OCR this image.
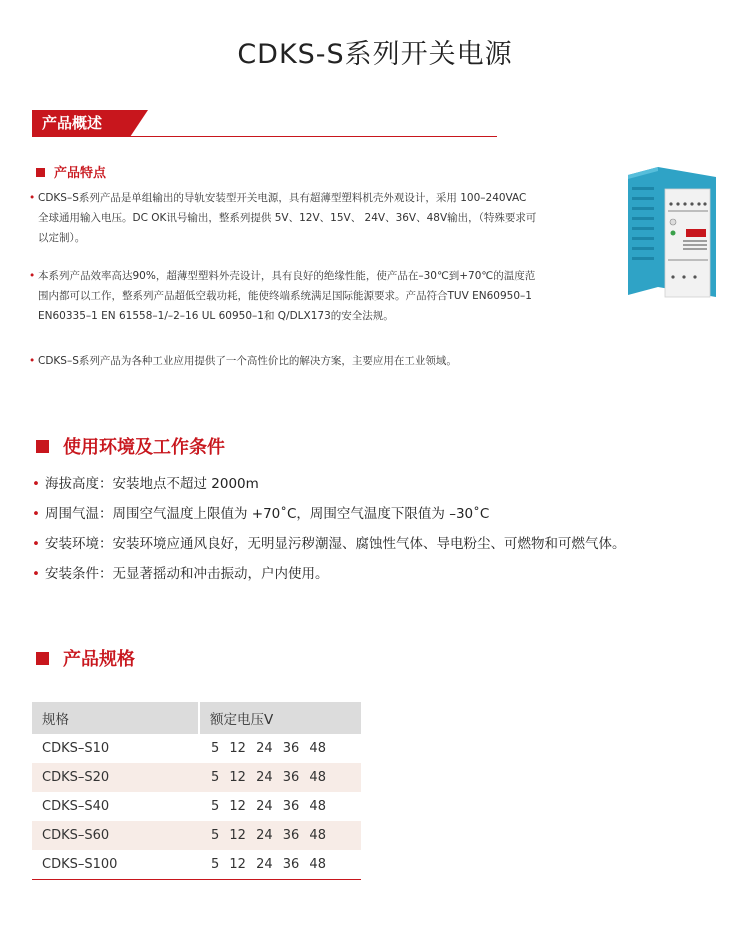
CDKS-S系列开关电源
产品概述
产品特点
• CDKS–S系列产品是单组输出的导轨安装型开关电源，具有超薄型塑料机壳外观设计，采用 100–240VAC
全球通用输入电压。DC OK讯号输出，整系列提供 5V、12V、15V、 24V、36V、48V输出，（特殊要求可
以定制）。
• 本系列产品效率高达90%，超薄型塑料外壳设计，具有良好的绝缘性能，使产品在–30℃到+70℃的温度范
围内都可以工作，整系列产品超低空载功耗，能使终端系统满足国际能源要求。产品符合TUV EN60950–1
EN60335–1 EN 61558–1/–2–16 UL 60950–1和 Q/DLX173的安全法规。
• CDKS–S系列产品为各种工业应用提供了一个高性价比的解决方案，主要应用在工业领域。
使用环境及工作条件
• 海拔高度：安装地点不超过 2000m
• 周围气温：周围空气温度上限值为 +70˚C，周围空气温度下限值为 –30˚C
• 安装环境：安装环境应通风良好，无明显污秽潮湿、腐蚀性气体、导电粉尘、可燃物和可燃气体。
• 安装条件：无显著摇动和冲击振动，户内使用。
产品规格
规格	额定电压V
CDKS–S10	5 12 24 36 48
CDKS–S20	5 12 24 36 48
CDKS–S40	5 12 24 36 48
CDKS–S60	5 12 24 36 48
CDKS–S100	5 12 24 36 48
